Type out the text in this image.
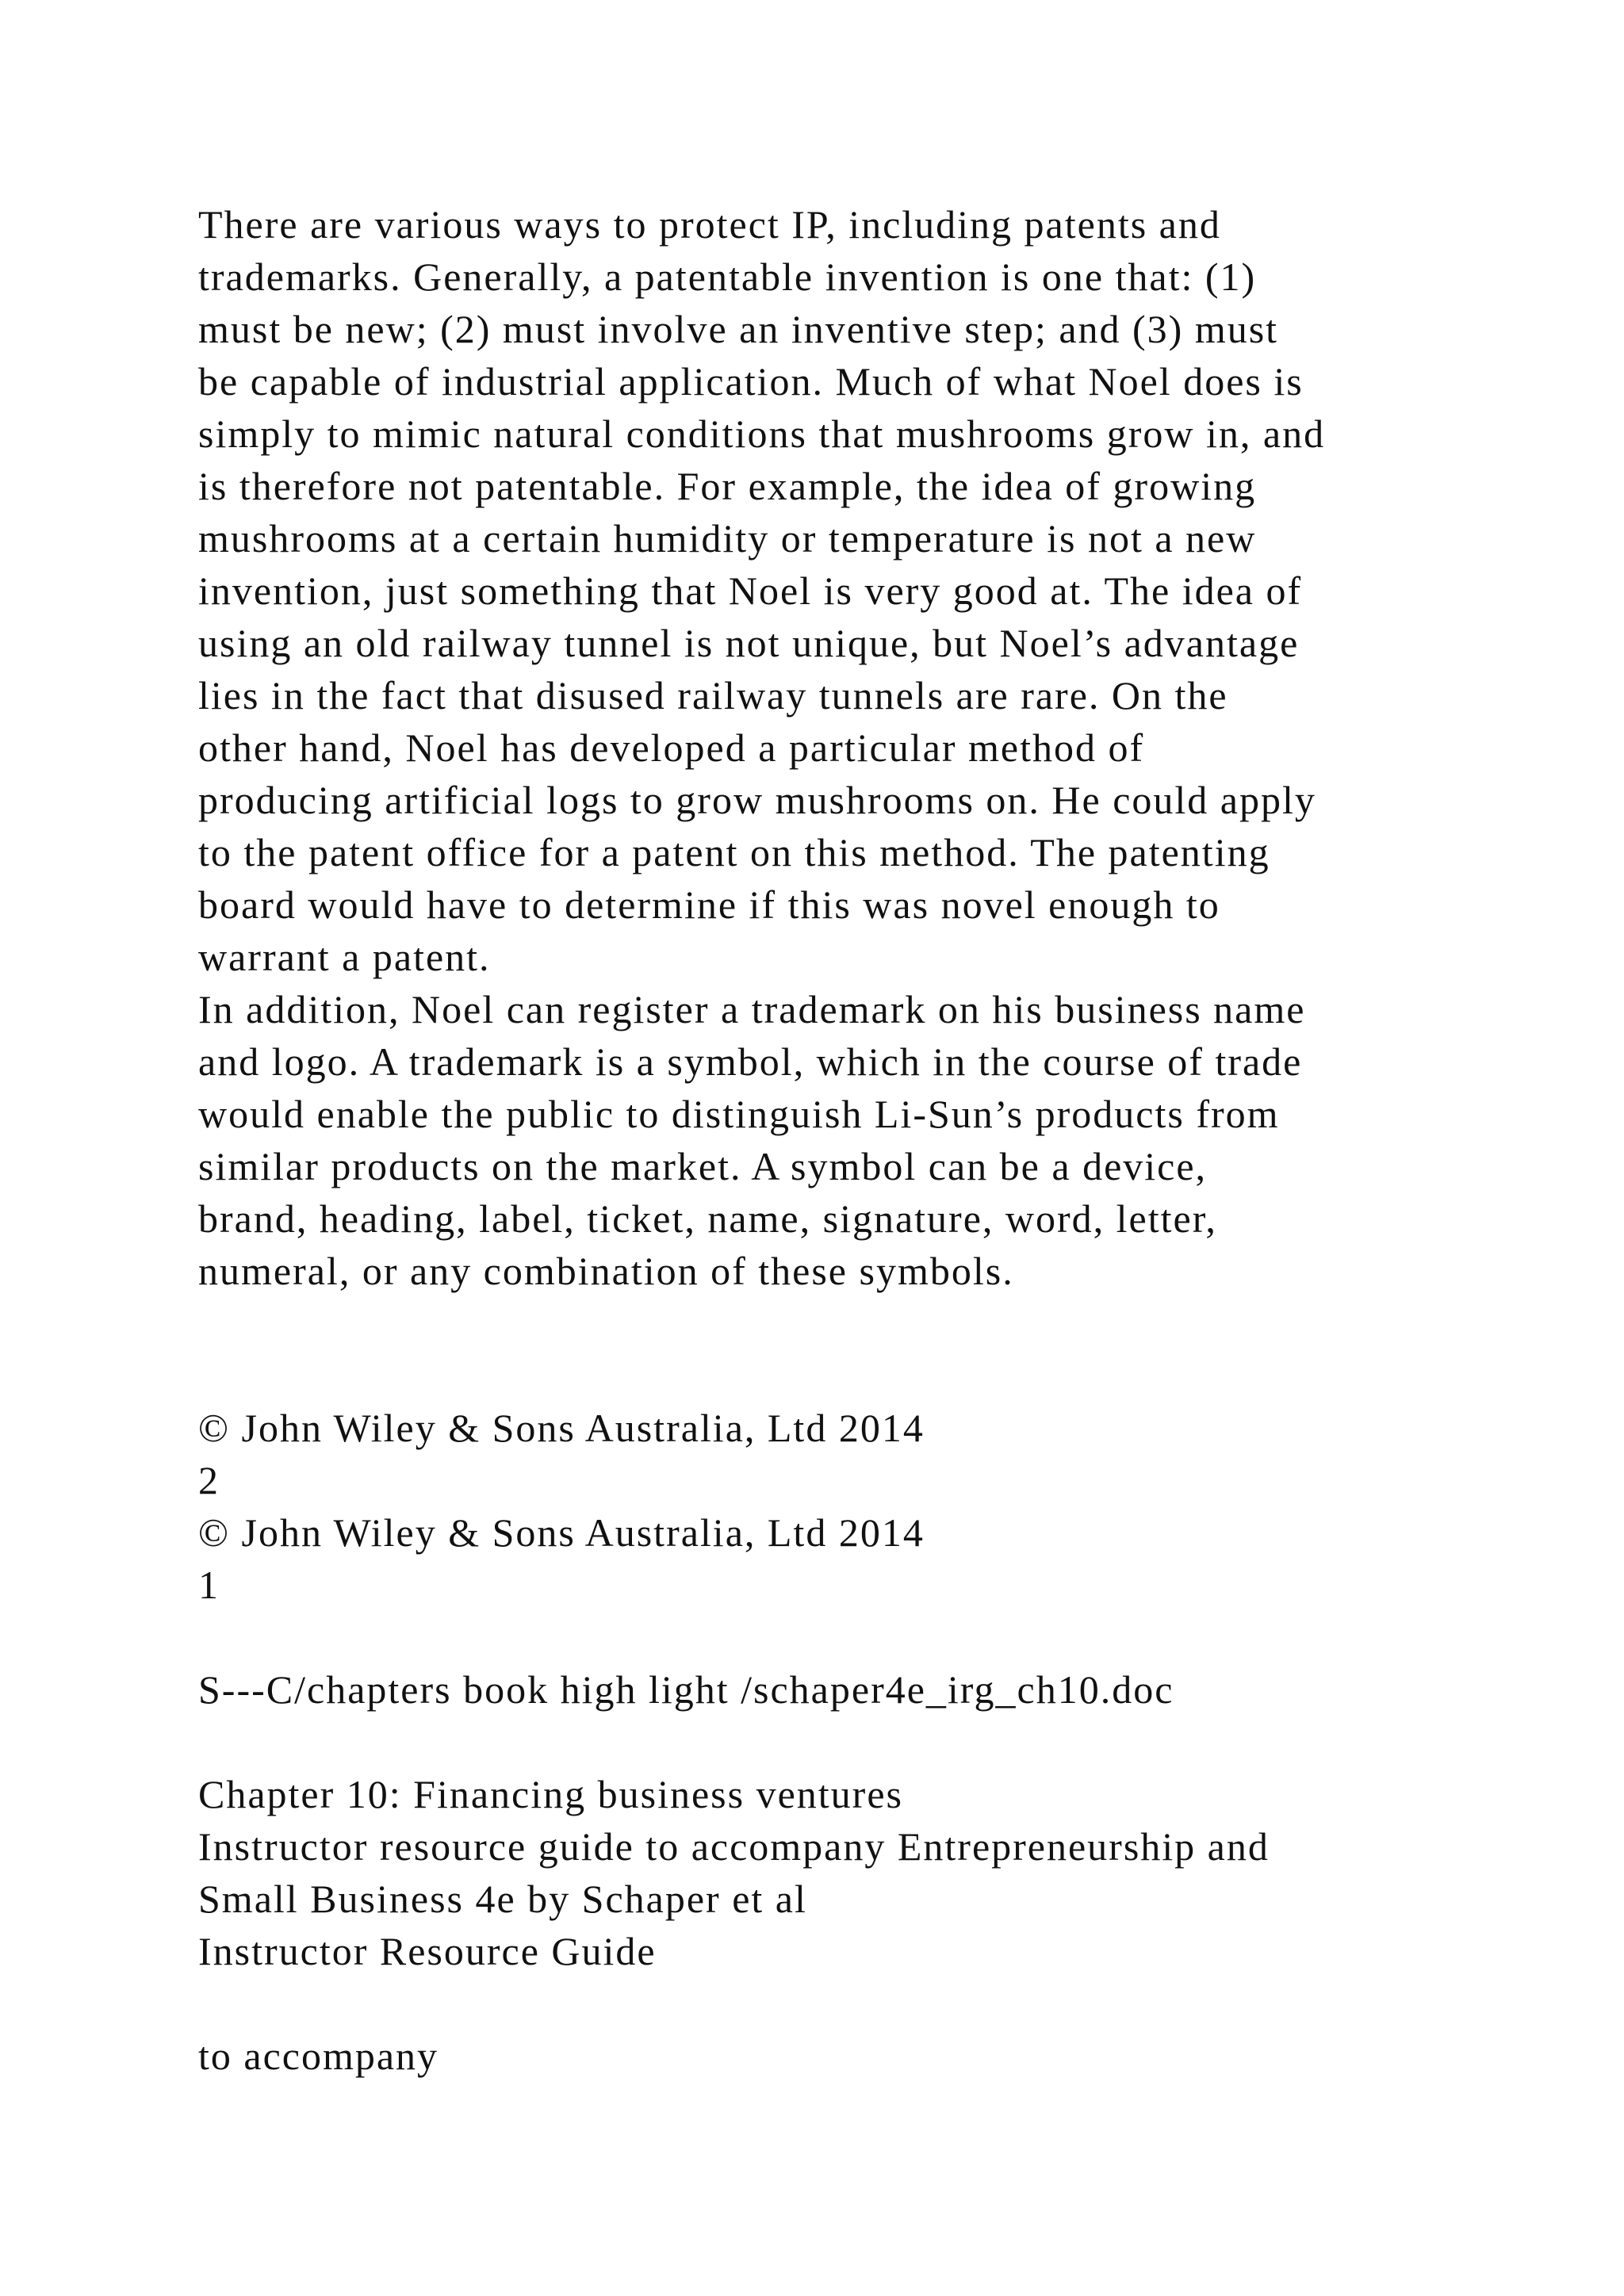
There are various ways to protect IP, including patents and
trademarks. Generally, a patentable invention is one that: (1)
must be new; (2) must involve an inventive step; and (3) must
be capable of industrial application. Much of what Noel does is
simply to mimic natural conditions that mushrooms grow in, and
is therefore not patentable. For example, the idea of growing
mushrooms at a certain humidity or temperature is not a new
invention, just something that Noel is very good at. The idea of
using an old railway tunnel is not unique, but Noel’s advantage
lies in the fact that disused railway tunnels are rare. On the
other hand, Noel has developed a particular method of
producing artificial logs to grow mushrooms on. He could apply
to the patent office for a patent on this method. The patenting
board would have to determine if this was novel enough to
warrant a patent.
In addition, Noel can register a trademark on his business name
and logo. A trademark is a symbol, which in the course of trade
would enable the public to distinguish Li-Sun’s products from
similar products on the market. A symbol can be a device,
brand, heading, label, ticket, name, signature, word, letter,
numeral, or any combination of these symbols.
© John Wiley & Sons Australia, Ltd 2014
2
© John Wiley & Sons Australia, Ltd 2014
1
S---C/chapters book high light /schaper4e_irg_ch10.doc
Chapter 10: Financing business ventures
Instructor resource guide to accompany Entrepreneurship and
Small Business 4e by Schaper et al
Instructor Resource Guide
to accompany
